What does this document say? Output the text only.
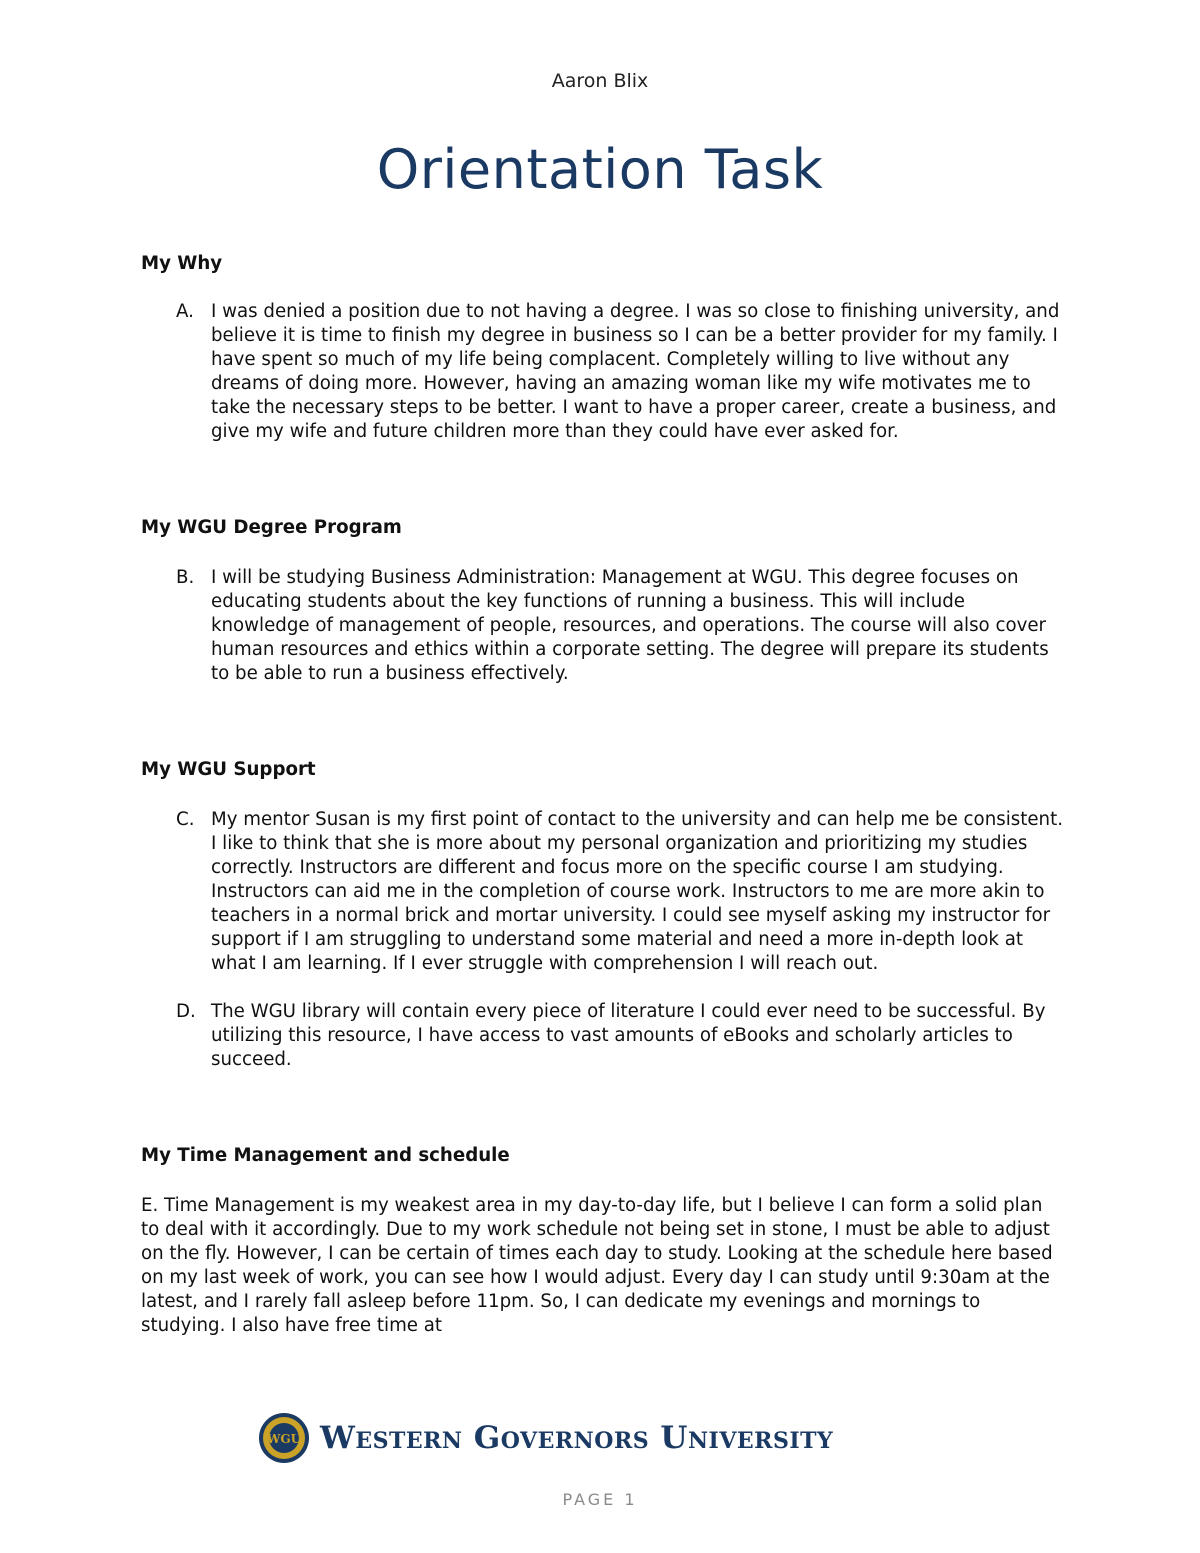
Aaron Blix
Orientation Task

My Why

A. I was denied a position due to not having a degree. I was so close to finishing university, and believe it is time to finish my degree in business so I can be a better provider for my family. I have spent so much of my life being complacent. Completely willing to live without any dreams of doing more. However, having an amazing woman like my wife motivates me to take the necessary steps to be better. I want to have a proper career, create a business, and give my wife and future children more than they could have ever asked for.

My WGU Degree Program

B. I will be studying Business Administration: Management at WGU. This degree focuses on educating students about the key functions of running a business. This will include knowledge of management of people, resources, and operations. The course will also cover human resources and ethics within a corporate setting. The degree will prepare its students to be able to run a business effectively.

My WGU Support

C. My mentor Susan is my first point of contact to the university and can help me be consistent. I like to think that she is more about my personal organization and prioritizing my studies correctly. Instructors are different and focus more on the specific course I am studying. Instructors can aid me in the completion of course work. Instructors to me are more akin to teachers in a normal brick and mortar university. I could see myself asking my instructor for support if I am struggling to understand some material and need a more in-depth look at what I am learning. If I ever struggle with comprehension I will reach out.
D. The WGU library will contain every piece of literature I could ever need to be successful. By utilizing this resource, I have access to vast amounts of eBooks and scholarly articles to succeed.

My Time Management and schedule

E. Time Management is my weakest area in my day-to-day life, but I believe I can form a solid plan to deal with it accordingly. Due to my work schedule not being set in stone, I must be able to adjust on the fly. However, I can be certain of times each day to study. Looking at the schedule here based on my last week of work, you can see how I would adjust. Every day I can study until 9:30am at the latest, and I rarely fall asleep before 11pm. So, I can dedicate my evenings and mornings to studying. I also have free time at

WGU Western Governors University
PAGE 1
